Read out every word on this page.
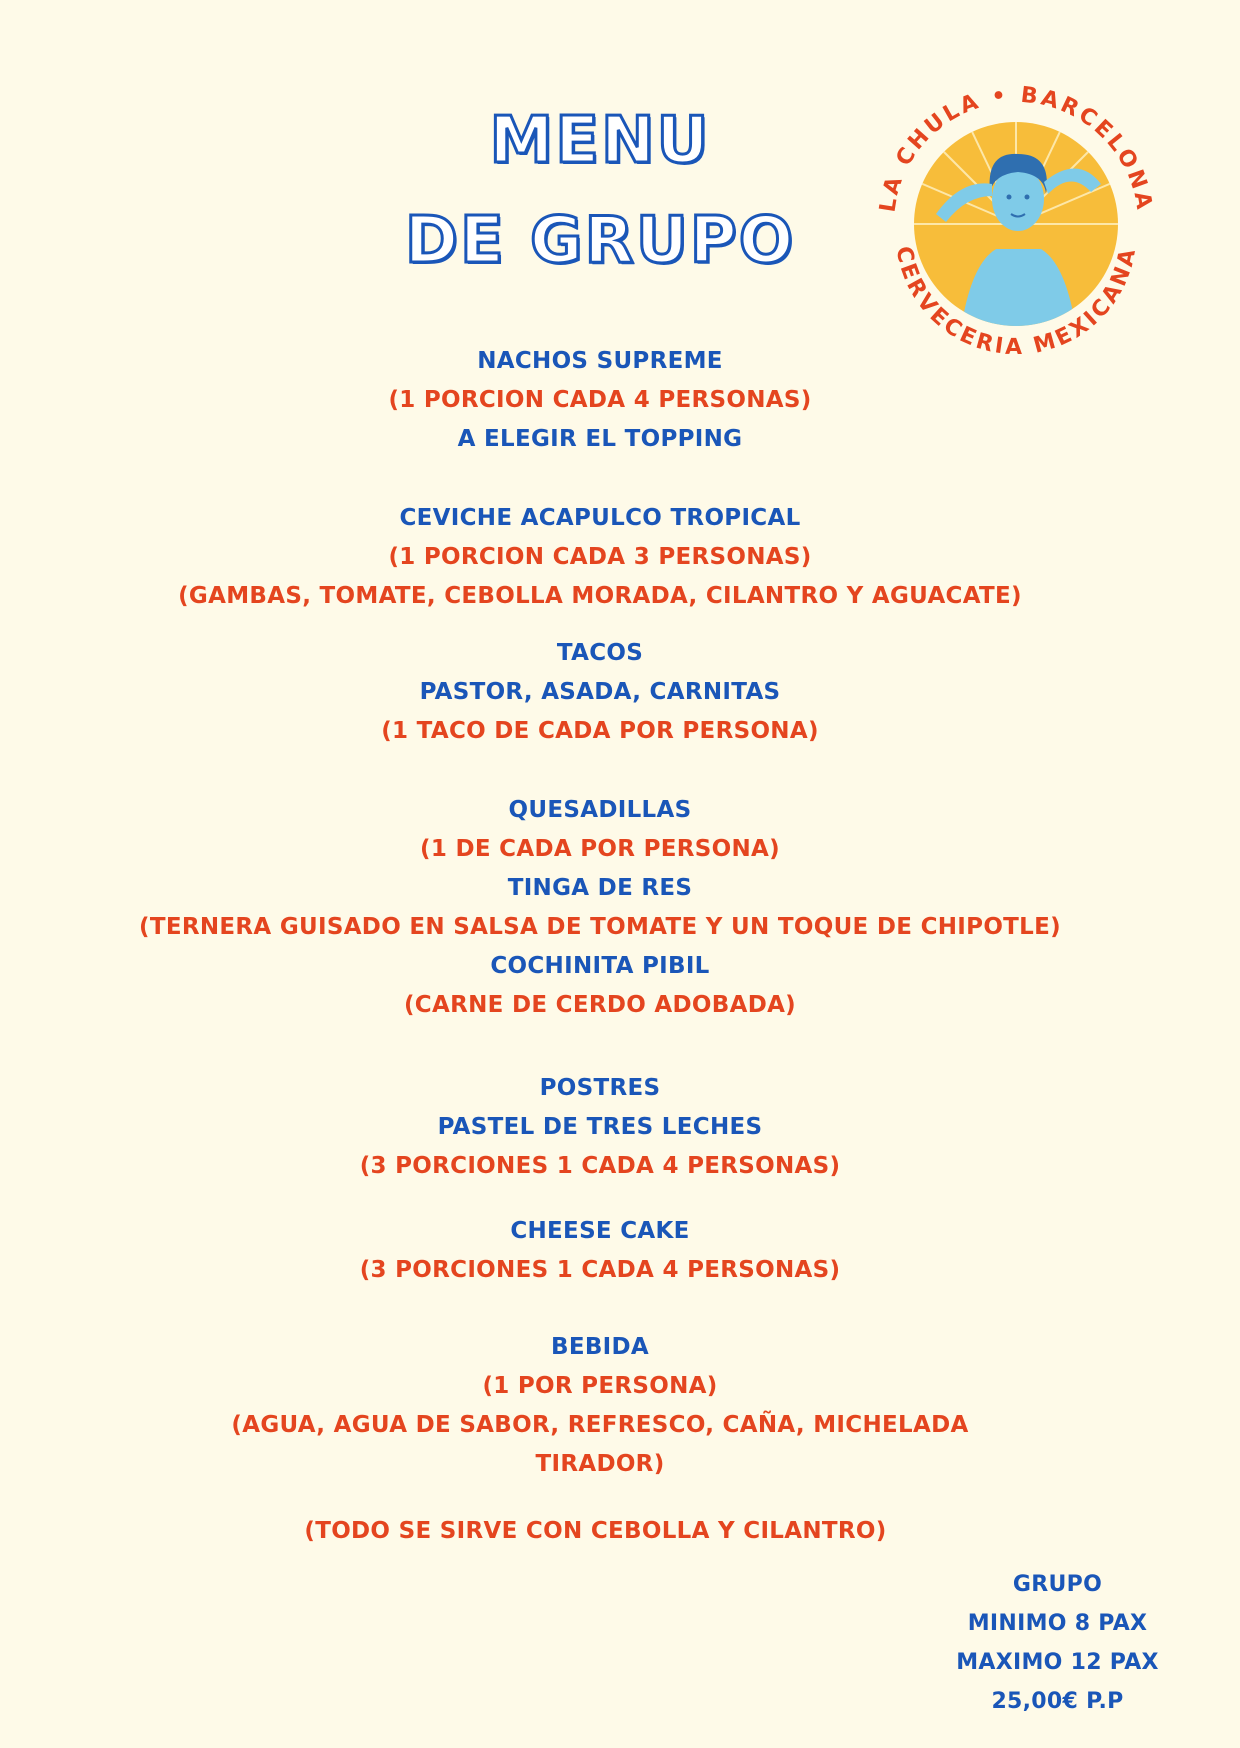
MENU
DE GRUPO
LA CHULA • BARCELONA
CERVECERIA MEXICANA
NACHOS SUPREME
(1 PORCION CADA 4 PERSONAS)
A ELEGIR EL TOPPING
CEVICHE ACAPULCO TROPICAL
(1 PORCION CADA 3 PERSONAS)
(GAMBAS, TOMATE, CEBOLLA MORADA, CILANTRO Y AGUACATE)
TACOS
PASTOR, ASADA, CARNITAS
(1 TACO DE CADA POR PERSONA)
QUESADILLAS
(1 DE CADA POR PERSONA)
TINGA DE RES
(TERNERA GUISADO EN SALSA DE TOMATE Y UN TOQUE DE CHIPOTLE)
COCHINITA PIBIL
(CARNE DE CERDO ADOBADA)
POSTRES
PASTEL DE TRES LECHES
(3 PORCIONES 1 CADA 4 PERSONAS)
CHEESE CAKE
(3 PORCIONES 1 CADA 4 PERSONAS)
BEBIDA
(1 POR PERSONA)
(AGUA, AGUA DE SABOR, REFRESCO, CAÑA, MICHELADA
TIRADOR)
(TODO SE SIRVE CON CEBOLLA Y CILANTRO)
GRUPO
MINIMO 8 PAX
MAXIMO 12 PAX
25,00€ P.P
